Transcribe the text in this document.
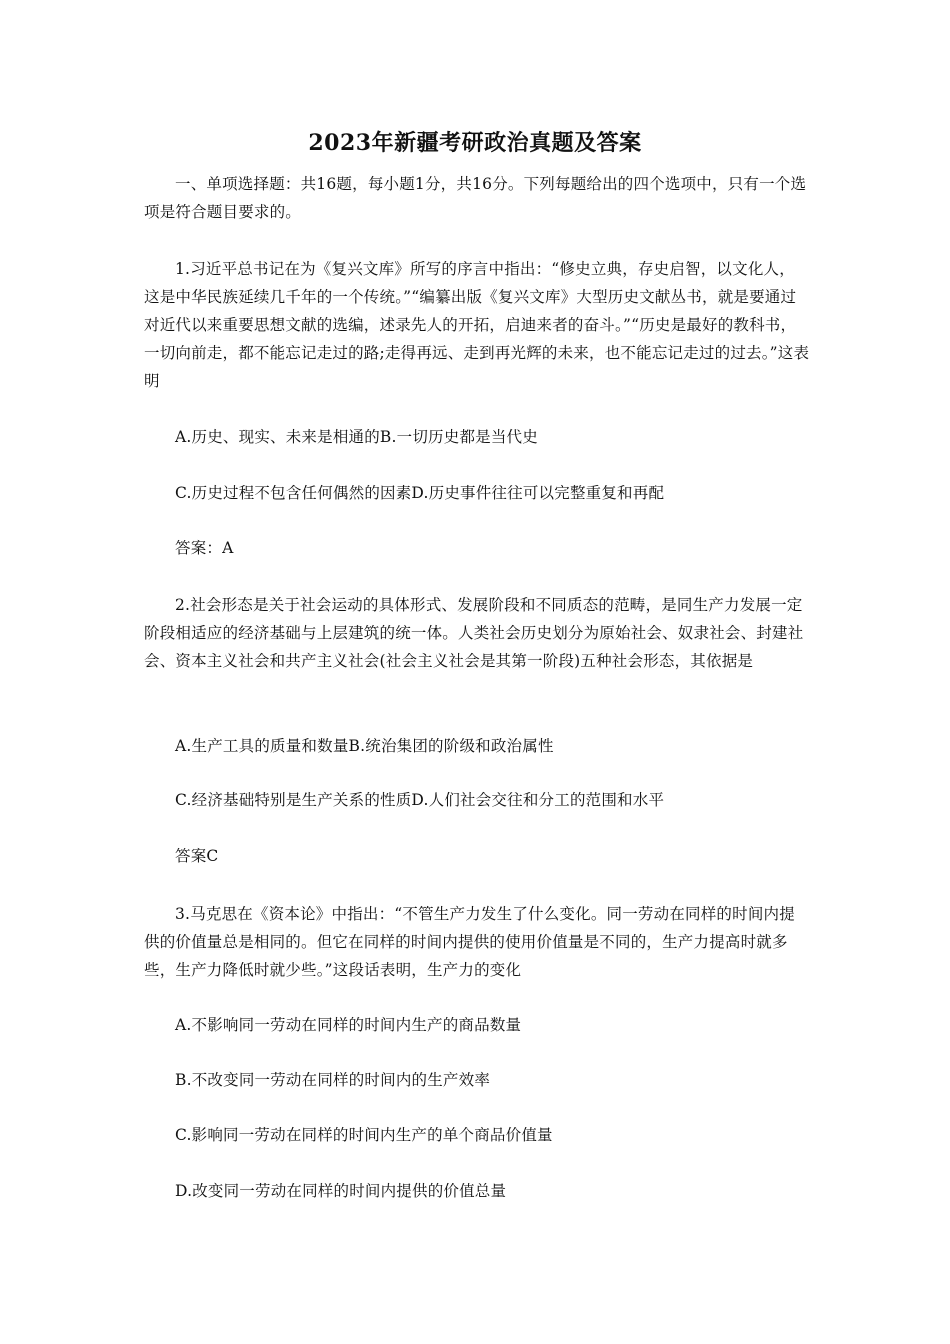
2023年新疆考研政治真题及答案

一、单项选择题：共16题，每小题1分，共16分。下列每题给出的四个选项中，只有一个选项是符合题目要求的。

1.习近平总书记在为《复兴文库》所写的序言中指出：“修史立典，存史启智，以文化人，这是中华民族延续几千年的一个传统。”“编纂出版《复兴文库》大型历史文献丛书，就是要通过对近代以来重要思想文献的选编，述录先人的开拓，启迪来者的奋斗。”“历史是最好的教科书，一切向前走，都不能忘记走过的路;走得再远、走到再光辉的未来，也不能忘记走过的过去。”这表明

A.历史、现实、未来是相通的B.一切历史都是当代史

C.历史过程不包含任何偶然的因素D.历史事件往往可以完整重复和再配

答案：A

2.社会形态是关于社会运动的具体形式、发展阶段和不同质态的范畴，是同生产力发展一定阶段相适应的经济基础与上层建筑的统一体。人类社会历史划分为原始社会、奴隶社会、封建社会、资本主义社会和共产主义社会(社会主义社会是其第一阶段)五种社会形态，其依据是

A.生产工具的质量和数量B.统治集团的阶级和政治属性

C.经济基础特别是生产关系的性质D.人们社会交往和分工的范围和水平

答案C

3.马克思在《资本论》中指出：“不管生产力发生了什么变化。同一劳动在同样的时间内提供的价值量总是相同的。但它在同样的时间内提供的使用价值量是不同的，生产力提高时就多些，生产力降低时就少些。”这段话表明，生产力的变化

A.不影响同一劳动在同样的时间内生产的商品数量

B.不改变同一劳动在同样的时间内的生产效率

C.影响同一劳动在同样的时间内生产的单个商品价值量

D.改变同一劳动在同样的时间内提供的价值总量
